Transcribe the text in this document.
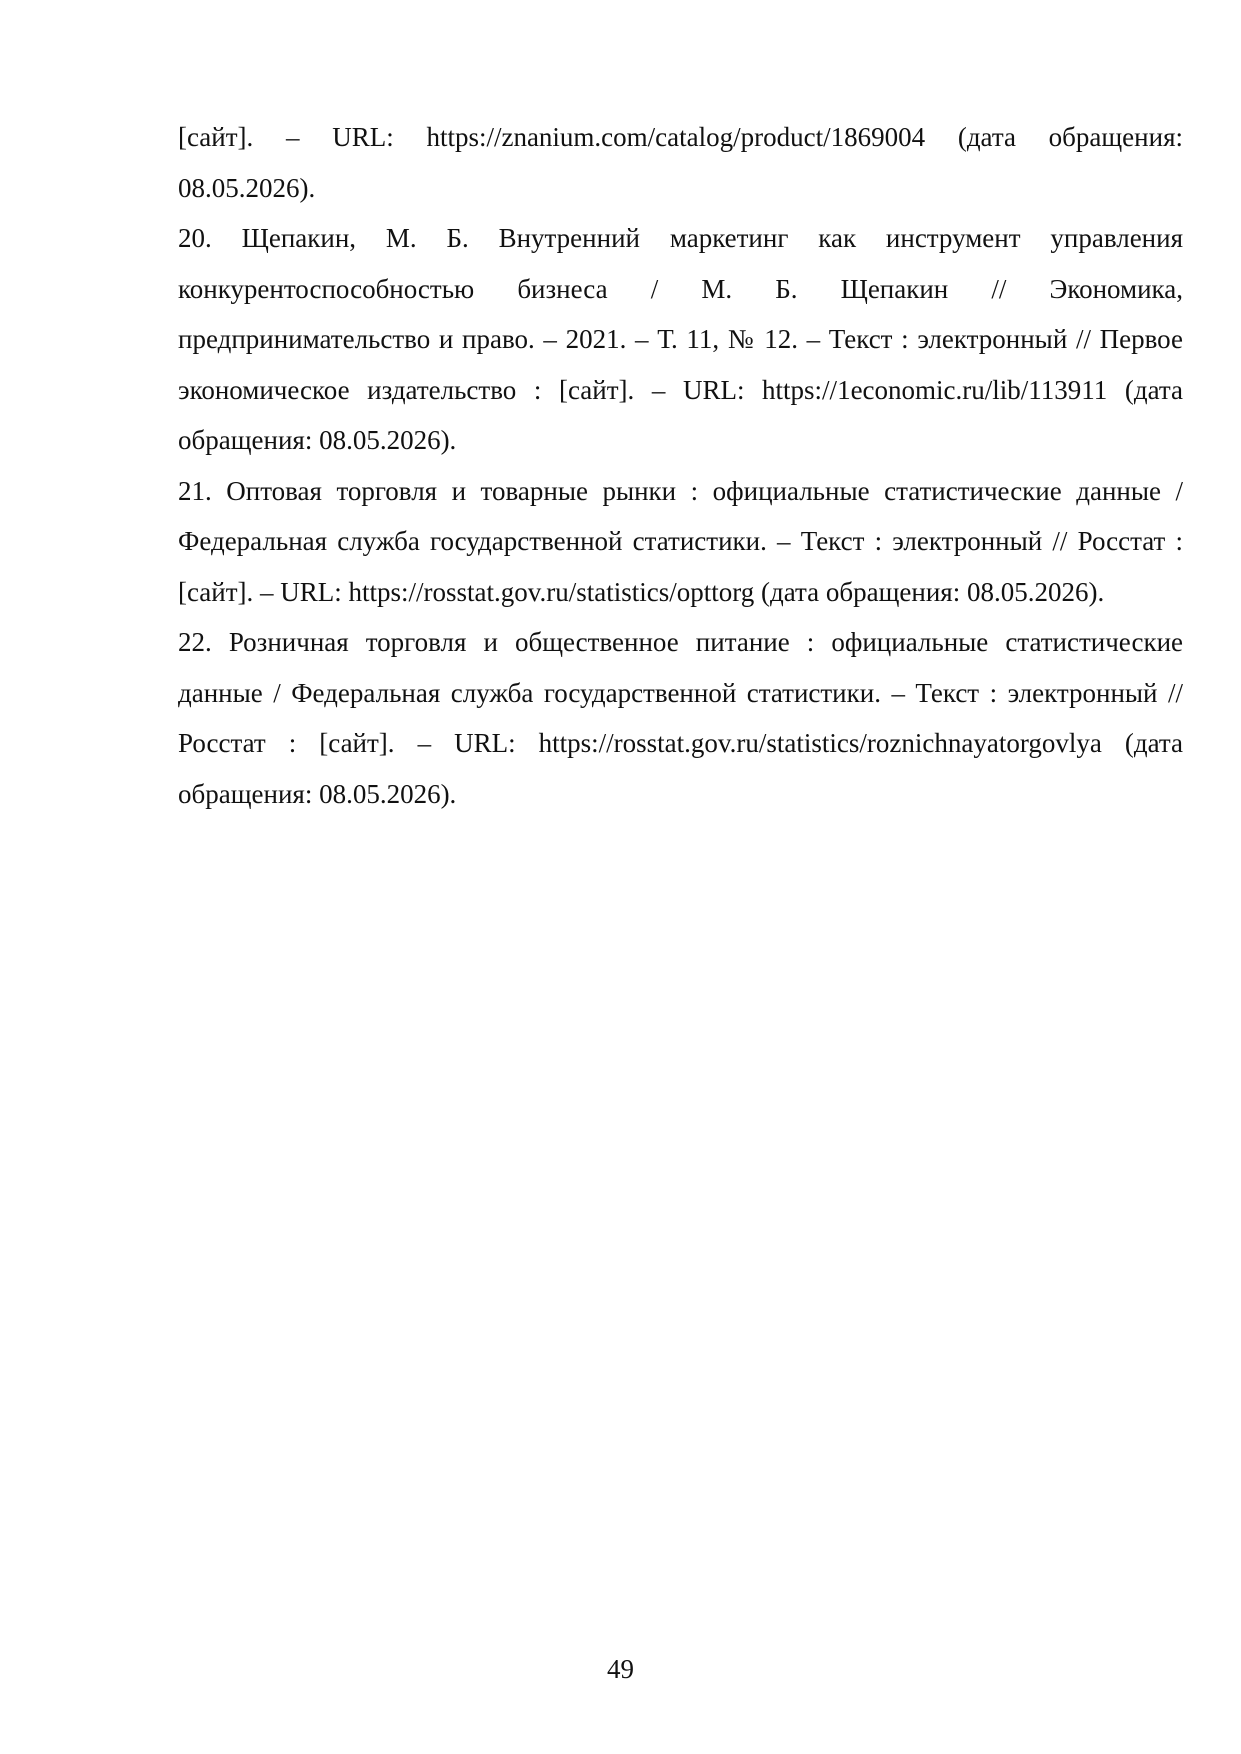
[сайт]. – URL: https://znanium.com/catalog/product/1869004 (дата обращения: 08.05.2026).

20. Щепакин, М. Б. Внутренний маркетинг как инструмент управления конкурентоспособностью бизнеса / М. Б. Щепакин // Экономика, предпринимательство и право. – 2021. – Т. 11, № 12. – Текст : электронный // Первое экономическое издательство : [сайт]. – URL: https://1economic.ru/lib/113911 (дата обращения: 08.05.2026).

21. Оптовая торговля и товарные рынки : официальные статистические данные / Федеральная служба государственной статистики. – Текст : электронный // Росстат : [сайт]. – URL: https://rosstat.gov.ru/statistics/opttorg (дата обращения: 08.05.2026).

22. Розничная торговля и общественное питание : официальные статистические данные / Федеральная служба государственной статистики. – Текст : электронный // Росстат : [сайт]. – URL: https://rosstat.gov.ru/statistics/roznichnayatorgovlya (дата обращения: 08.05.2026).

49
